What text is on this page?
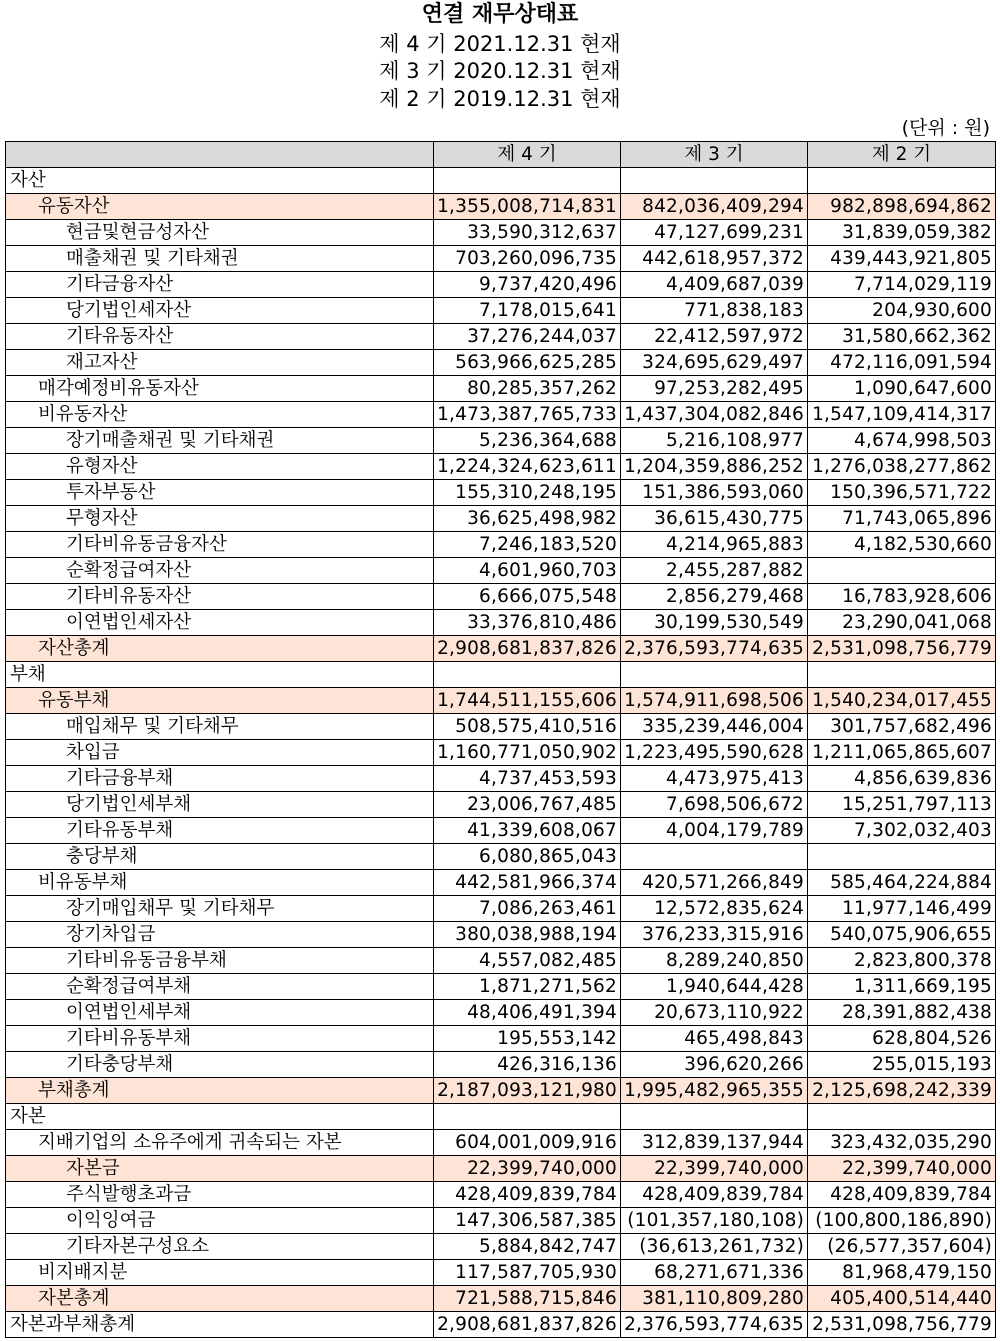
연결 재무상태표
제 4 기 2021.12.31 현재
제 3 기 2020.12.31 현재
제 2 기 2019.12.31 현재
(단위 : 원)
	제 4 기	제 3 기	제 2 기
자산			
유동자산	1,355,008,714,831	842,036,409,294	982,898,694,862
현금및현금성자산	33,590,312,637	47,127,699,231	31,839,059,382
매출채권 및 기타채권	703,260,096,735	442,618,957,372	439,443,921,805
기타금융자산	9,737,420,496	4,409,687,039	7,714,029,119
당기법인세자산	7,178,015,641	771,838,183	204,930,600
기타유동자산	37,276,244,037	22,412,597,972	31,580,662,362
재고자산	563,966,625,285	324,695,629,497	472,116,091,594
매각예정비유동자산	80,285,357,262	97,253,282,495	1,090,647,600
비유동자산	1,473,387,765,733	1,437,304,082,846	1,547,109,414,317
장기매출채권 및 기타채권	5,236,364,688	5,216,108,977	4,674,998,503
유형자산	1,224,324,623,611	1,204,359,886,252	1,276,038,277,862
투자부동산	155,310,248,195	151,386,593,060	150,396,571,722
무형자산	36,625,498,982	36,615,430,775	71,743,065,896
기타비유동금융자산	7,246,183,520	4,214,965,883	4,182,530,660
순확정급여자산	4,601,960,703	2,455,287,882	
기타비유동자산	6,666,075,548	2,856,279,468	16,783,928,606
이연법인세자산	33,376,810,486	30,199,530,549	23,290,041,068
자산총계	2,908,681,837,826	2,376,593,774,635	2,531,098,756,779
부채			
유동부채	1,744,511,155,606	1,574,911,698,506	1,540,234,017,455
매입채무 및 기타채무	508,575,410,516	335,239,446,004	301,757,682,496
차입금	1,160,771,050,902	1,223,495,590,628	1,211,065,865,607
기타금융부채	4,737,453,593	4,473,975,413	4,856,639,836
당기법인세부채	23,006,767,485	7,698,506,672	15,251,797,113
기타유동부채	41,339,608,067	4,004,179,789	7,302,032,403
충당부채	6,080,865,043		
비유동부채	442,581,966,374	420,571,266,849	585,464,224,884
장기매입채무 및 기타채무	7,086,263,461	12,572,835,624	11,977,146,499
장기차입금	380,038,988,194	376,233,315,916	540,075,906,655
기타비유동금융부채	4,557,082,485	8,289,240,850	2,823,800,378
순확정급여부채	1,871,271,562	1,940,644,428	1,311,669,195
이연법인세부채	48,406,491,394	20,673,110,922	28,391,882,438
기타비유동부채	195,553,142	465,498,843	628,804,526
기타충당부채	426,316,136	396,620,266	255,015,193
부채총계	2,187,093,121,980	1,995,482,965,355	2,125,698,242,339
자본			
지배기업의 소유주에게 귀속되는 자본	604,001,009,916	312,839,137,944	323,432,035,290
자본금	22,399,740,000	22,399,740,000	22,399,740,000
주식발행초과금	428,409,839,784	428,409,839,784	428,409,839,784
이익잉여금	147,306,587,385	(101,357,180,108)	(100,800,186,890)
기타자본구성요소	5,884,842,747	(36,613,261,732)	(26,577,357,604)
비지배지분	117,587,705,930	68,271,671,336	81,968,479,150
자본총계	721,588,715,846	381,110,809,280	405,400,514,440
자본과부채총계	2,908,681,837,826	2,376,593,774,635	2,531,098,756,779
